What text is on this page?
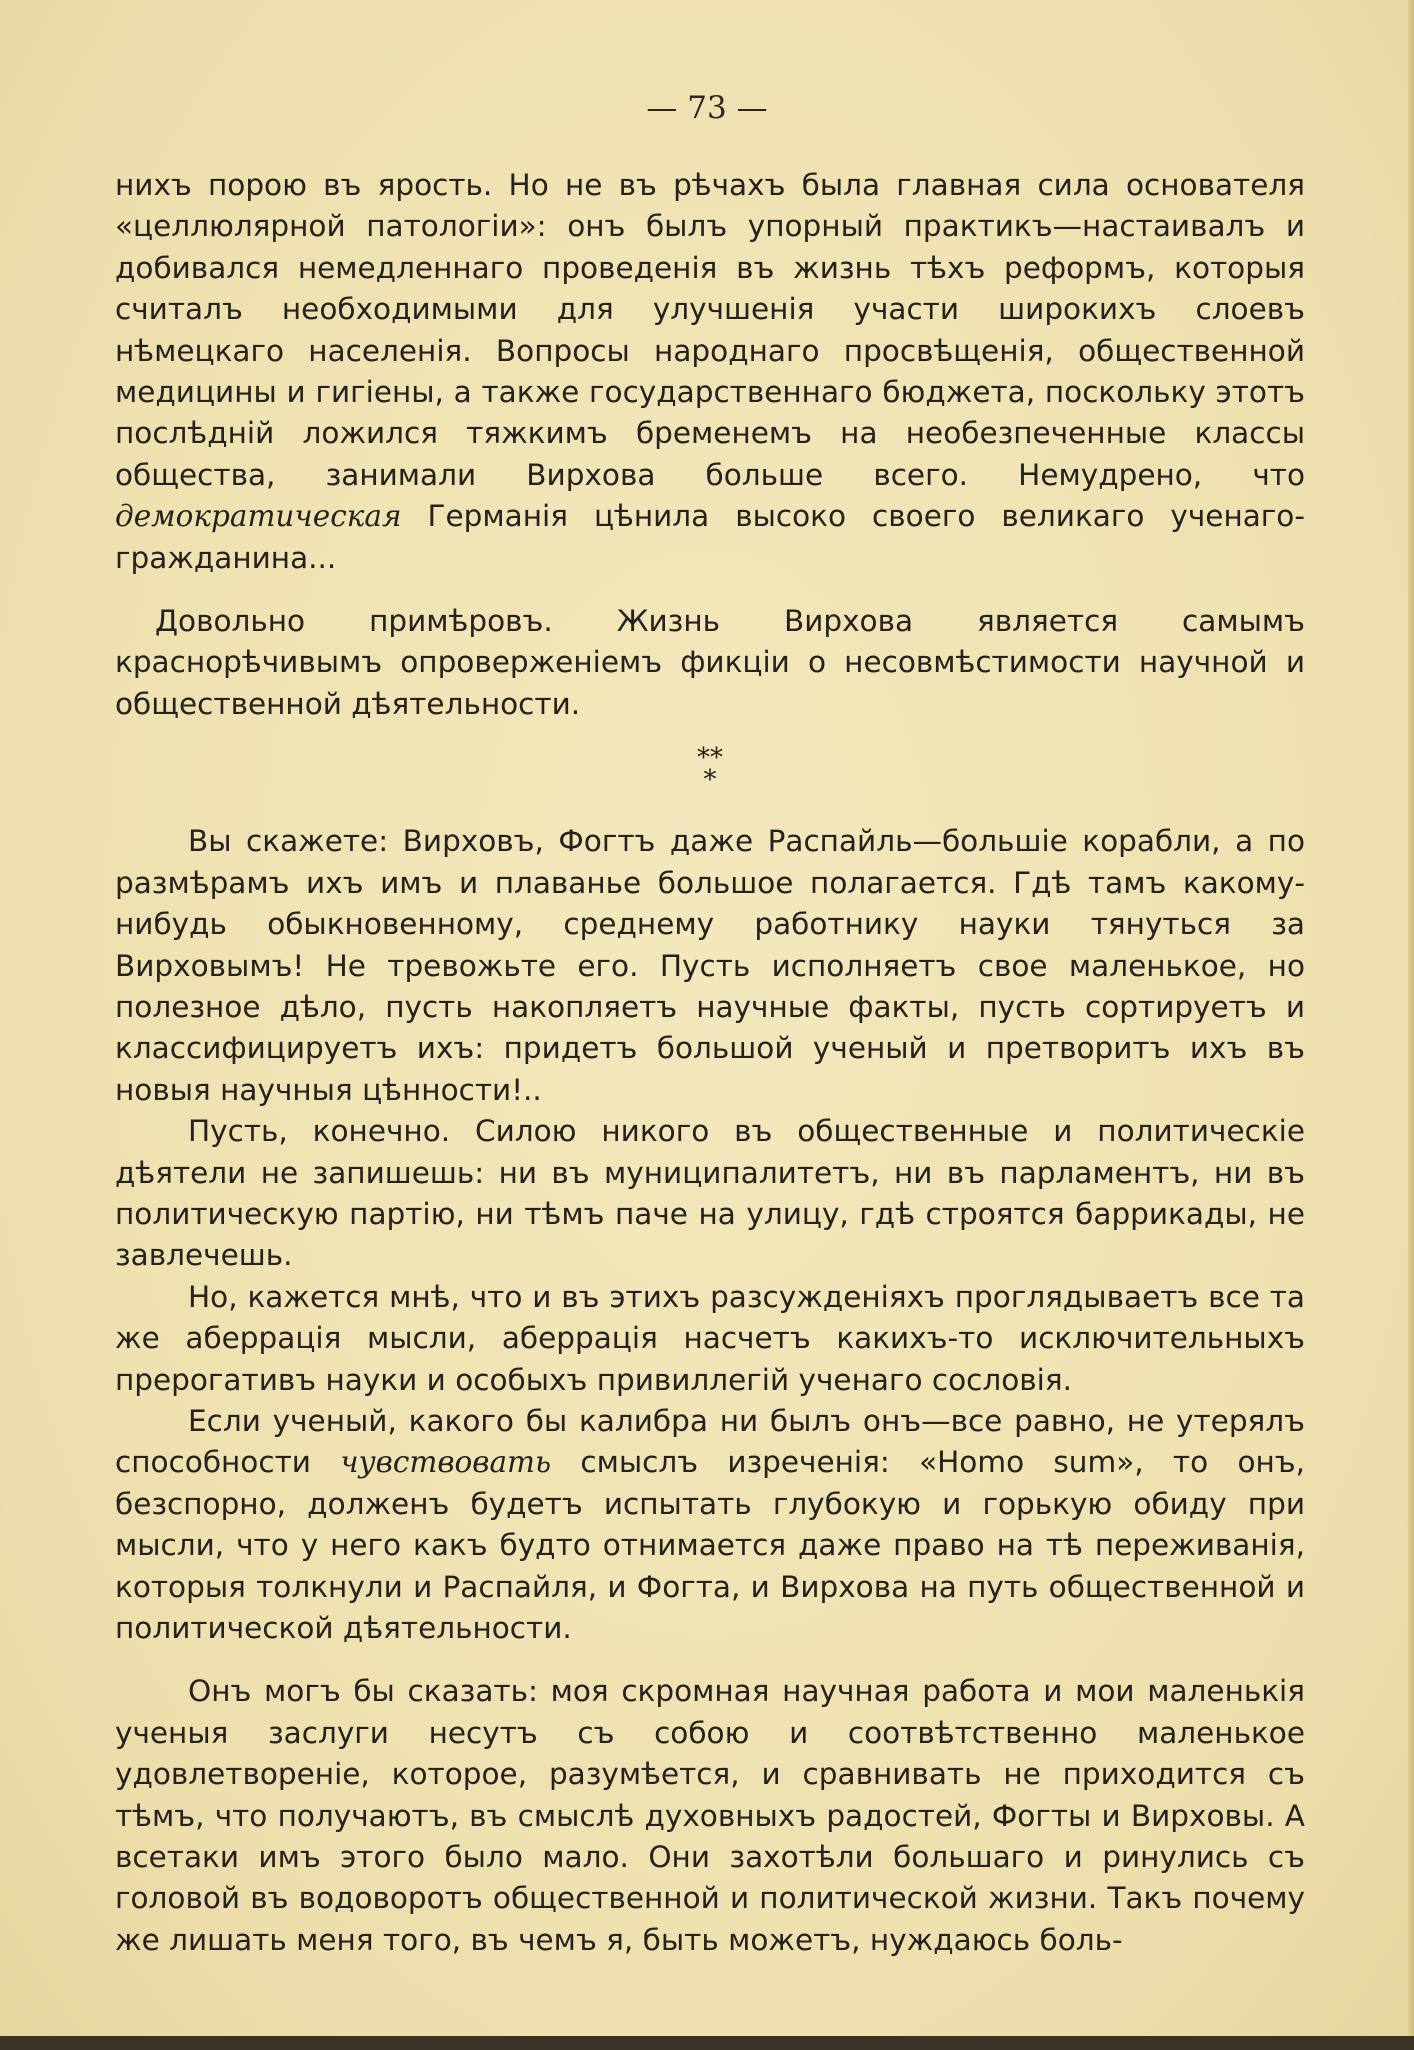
— 73 —

нихъ порою въ ярость. Но не въ рѣчахъ была главная сила основателя «целлюлярной патологіи»: онъ былъ упорный практикъ—настаивалъ и добивался немедленнаго проведенія въ жизнь тѣхъ реформъ, которыя считалъ необходимыми для улучшенія участи широкихъ слоевъ нѣмецкаго населенія. Вопросы народнаго просвѣщенія, общественной медицины и гигіены, а также государственнаго бюджета, поскольку этотъ послѣдній ложился тяжкимъ бременемъ на необезпеченные классы общества, занимали Вирхова больше всего. Немудрено, что демократическая Германія цѣнила высоко своего великаго ученаго-гражданина...

Довольно примѣровъ. Жизнь Вирхова является самымъ краснорѣчивымъ опроверженіемъ фикціи о несовмѣстимости научной и общественной дѣятельности.

**
*

Вы скажете: Вирховъ, Фогтъ даже Распайль—большіе корабли, а по размѣрамъ ихъ имъ и плаванье большое полагается. Гдѣ тамъ какому-нибудь обыкновенному, среднему работнику науки тянуться за Вирховымъ! Не тревожьте его. Пусть исполняетъ свое маленькое, но полезное дѣло, пусть накопляетъ научные факты, пусть сортируетъ и классифицируетъ ихъ: придетъ большой ученый и претворитъ ихъ въ новыя научныя цѣнности!..

Пусть, конечно. Силою никого въ общественные и политическіе дѣятели не запишешь: ни въ муниципалитетъ, ни въ парламентъ, ни въ политическую партію, ни тѣмъ паче на улицу, гдѣ строятся баррикады, не завлечешь.

Но, кажется мнѣ, что и въ этихъ разсужденіяхъ проглядываетъ все та же аберрація мысли, аберрація насчетъ какихъ-то исключительныхъ прерогативъ науки и особыхъ привиллегій ученаго сословія.

Если ученый, какого бы калибра ни былъ онъ—все равно, не утерялъ способности чувствовать смыслъ изреченія: «Homo sum», то онъ, безспорно, долженъ будетъ испытать глубокую и горькую обиду при мысли, что у него какъ будто отнимается даже право на тѣ переживанія, которыя толкнули и Распайля, и Фогта, и Вирхова на путь общественной и политической дѣятельности.

Онъ могъ бы сказать: моя скромная научная работа и мои маленькія ученыя заслуги несутъ съ собою и соотвѣтственно маленькое удовлетвореніе, которое, разумѣется, и сравнивать не приходится съ тѣмъ, что получаютъ, въ смыслѣ духовныхъ радостей, Фогты и Вирховы. А всетаки имъ этого было мало. Они захотѣли большаго и ринулись съ головой въ водоворотъ общественной и политической жизни. Такъ почему же лишать меня того, въ чемъ я, быть можетъ, нуждаюсь боль-
